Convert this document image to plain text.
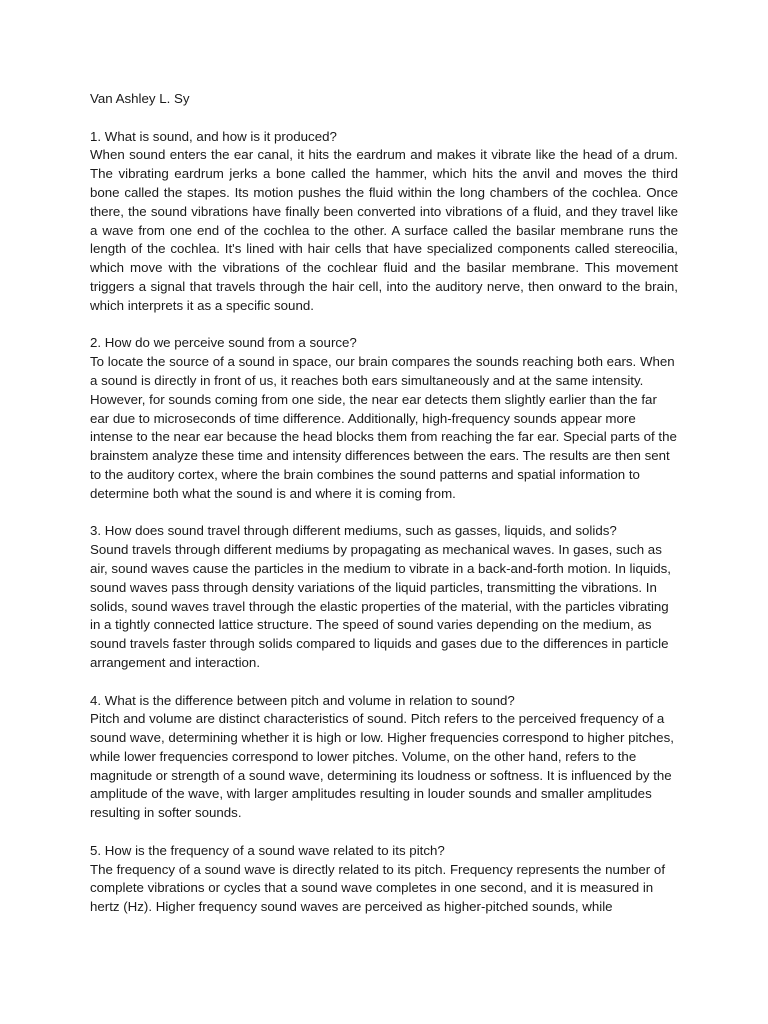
Van Ashley L. Sy

1. What is sound, and how is it produced?

When sound enters the ear canal, it hits the eardrum and makes it vibrate like the head of a drum. The vibrating eardrum jerks a bone called the hammer, which hits the anvil and moves the third bone called the stapes. Its motion pushes the fluid within the long chambers of the cochlea. Once there, the sound vibrations have finally been converted into vibrations of a fluid, and they travel like a wave from one end of the cochlea to the other. A surface called the basilar membrane runs the length of the cochlea. It's lined with hair cells that have specialized components called stereocilia, which move with the vibrations of the cochlear fluid and the basilar membrane. This movement triggers a signal that travels through the hair cell, into the auditory nerve, then onward to the brain, which interprets it as a specific sound.

2. How do we perceive sound from a source?

To locate the source of a sound in space, our brain compares the sounds reaching both ears. When a sound is directly in front of us, it reaches both ears simultaneously and at the same intensity. However, for sounds coming from one side, the near ear detects them slightly earlier than the far ear due to microseconds of time difference. Additionally, high-frequency sounds appear more intense to the near ear because the head blocks them from reaching the far ear. Special parts of the brainstem analyze these time and intensity differences between the ears. The results are then sent to the auditory cortex, where the brain combines the sound patterns and spatial information to determine both what the sound is and where it is coming from.

3. How does sound travel through different mediums, such as gasses, liquids, and solids?

Sound travels through different mediums by propagating as mechanical waves. In gases, such as air, sound waves cause the particles in the medium to vibrate in a back-and-forth motion. In liquids, sound waves pass through density variations of the liquid particles, transmitting the vibrations. In solids, sound waves travel through the elastic properties of the material, with the particles vibrating in a tightly connected lattice structure. The speed of sound varies depending on the medium, as sound travels faster through solids compared to liquids and gases due to the differences in particle arrangement and interaction.

4. What is the difference between pitch and volume in relation to sound?

Pitch and volume are distinct characteristics of sound. Pitch refers to the perceived frequency of a sound wave, determining whether it is high or low. Higher frequencies correspond to higher pitches, while lower frequencies correspond to lower pitches. Volume, on the other hand, refers to the magnitude or strength of a sound wave, determining its loudness or softness. It is influenced by the amplitude of the wave, with larger amplitudes resulting in louder sounds and smaller amplitudes resulting in softer sounds.

5. How is the frequency of a sound wave related to its pitch?

The frequency of a sound wave is directly related to its pitch. Frequency represents the number of complete vibrations or cycles that a sound wave completes in one second, and it is measured in hertz (Hz). Higher frequency sound waves are perceived as higher-pitched sounds, while
